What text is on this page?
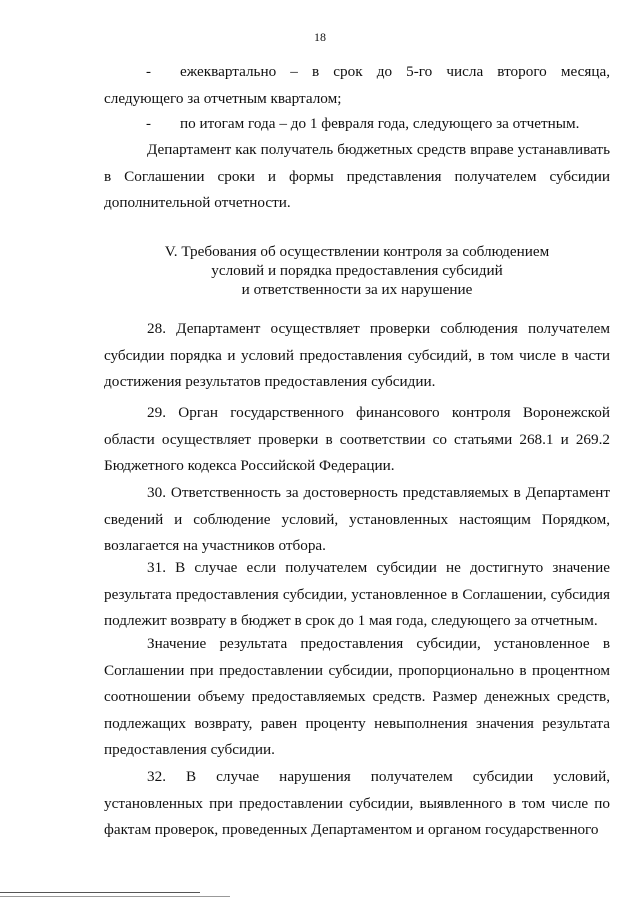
18
-	ежеквартально – в срок до 5-го числа второго месяца, следующего за отчетным кварталом;
-	по итогам года – до 1 февраля года, следующего за отчетным.
Департамент как получатель бюджетных средств вправе устанавливать в Соглашении сроки и формы представления получателем субсидии дополнительной отчетности.
V. Требования об осуществлении контроля за соблюдением
условий и порядка предоставления субсидий
и ответственности за их нарушение
28. Департамент осуществляет проверки соблюдения получателем субсидии порядка и условий предоставления субсидий, в том числе в части достижения результатов предоставления субсидии.
29. Орган государственного финансового контроля Воронежской области осуществляет проверки в соответствии со статьями 268.1 и 269.2 Бюджетного кодекса Российской Федерации.
30. Ответственность за достоверность представляемых в Департамент сведений и соблюдение условий, установленных настоящим Порядком, возлагается на участников отбора.
31. В случае если получателем субсидии не достигнуто значение результата предоставления субсидии, установленное в Соглашении, субсидия подлежит возврату в бюджет в срок до 1 мая года, следующего за отчетным.
Значение результата предоставления субсидии, установленное в Соглашении при предоставлении субсидии, пропорционально в процентном соотношении объему предоставляемых средств. Размер денежных средств, подлежащих возврату, равен проценту невыполнения значения результата предоставления субсидии.
32. В случае нарушения получателем субсидии условий, установленных при предоставлении субсидии, выявленного в том числе по фактам проверок, проведенных Департаментом и органом государственного
